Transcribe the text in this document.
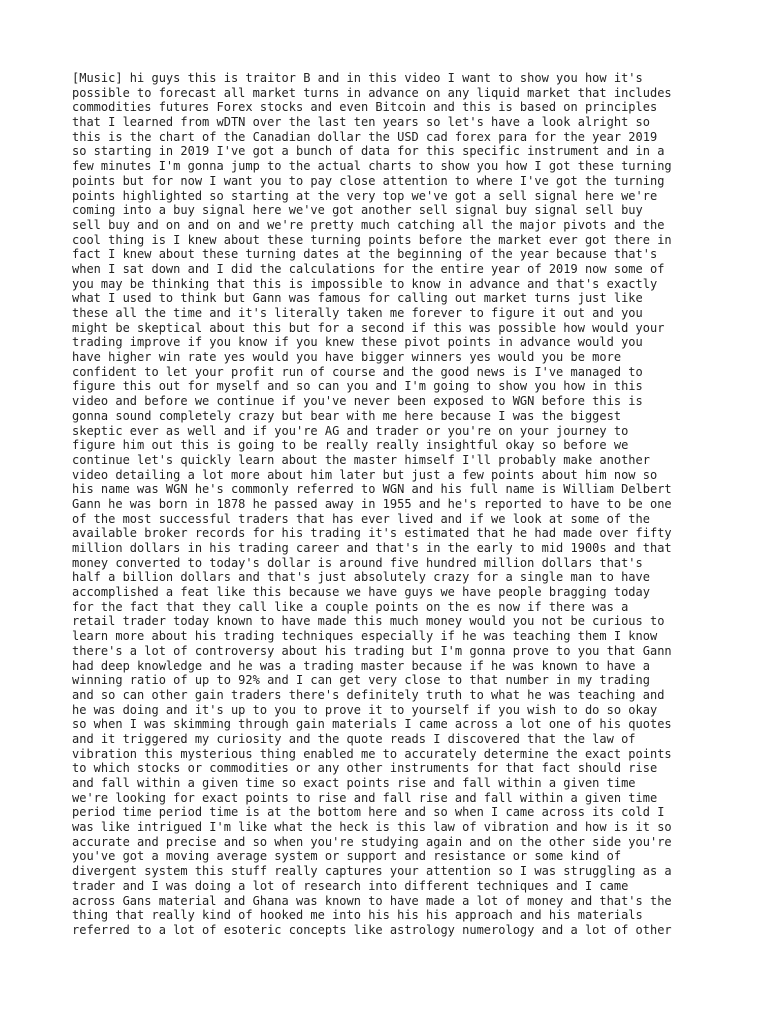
[Music] hi guys this is traitor B and in this video I want to show you how it's
possible to forecast all market turns in advance on any liquid market that includes
commodities futures Forex stocks and even Bitcoin and this is based on principles
that I learned from wDTN over the last ten years so let's have a look alright so
this is the chart of the Canadian dollar the USD cad forex para for the year 2019
so starting in 2019 I've got a bunch of data for this specific instrument and in a
few minutes I'm gonna jump to the actual charts to show you how I got these turning
points but for now I want you to pay close attention to where I've got the turning
points highlighted so starting at the very top we've got a sell signal here we're
coming into a buy signal here we've got another sell signal buy signal sell buy
sell buy and on and on and we're pretty much catching all the major pivots and the
cool thing is I knew about these turning points before the market ever got there in
fact I knew about these turning dates at the beginning of the year because that's
when I sat down and I did the calculations for the entire year of 2019 now some of
you may be thinking that this is impossible to know in advance and that's exactly
what I used to think but Gann was famous for calling out market turns just like
these all the time and it's literally taken me forever to figure it out and you
might be skeptical about this but for a second if this was possible how would your
trading improve if you know if you knew these pivot points in advance would you
have higher win rate yes would you have bigger winners yes would you be more
confident to let your profit run of course and the good news is I've managed to
figure this out for myself and so can you and I'm going to show you how in this
video and before we continue if you've never been exposed to WGN before this is
gonna sound completely crazy but bear with me here because I was the biggest
skeptic ever as well and if you're AG and trader or you're on your journey to
figure him out this is going to be really really insightful okay so before we
continue let's quickly learn about the master himself I'll probably make another
video detailing a lot more about him later but just a few points about him now so
his name was WGN he's commonly referred to WGN and his full name is William Delbert
Gann he was born in 1878 he passed away in 1955 and he's reported to have to be one
of the most successful traders that has ever lived and if we look at some of the
available broker records for his trading it's estimated that he had made over fifty
million dollars in his trading career and that's in the early to mid 1900s and that
money converted to today's dollar is around five hundred million dollars that's
half a billion dollars and that's just absolutely crazy for a single man to have
accomplished a feat like this because we have guys we have people bragging today
for the fact that they call like a couple points on the es now if there was a
retail trader today known to have made this much money would you not be curious to
learn more about his trading techniques especially if he was teaching them I know
there's a lot of controversy about his trading but I'm gonna prove to you that Gann
had deep knowledge and he was a trading master because if he was known to have a
winning ratio of up to 92% and I can get very close to that number in my trading
and so can other gain traders there's definitely truth to what he was teaching and
he was doing and it's up to you to prove it to yourself if you wish to do so okay
so when I was skimming through gain materials I came across a lot one of his quotes
and it triggered my curiosity and the quote reads I discovered that the law of
vibration this mysterious thing enabled me to accurately determine the exact points
to which stocks or commodities or any other instruments for that fact should rise
and fall within a given time so exact points rise and fall within a given time
we're looking for exact points to rise and fall rise and fall within a given time
period time period time is at the bottom here and so when I came across its cold I
was like intrigued I'm like what the heck is this law of vibration and how is it so
accurate and precise and so when you're studying again and on the other side you're
you've got a moving average system or support and resistance or some kind of
divergent system this stuff really captures your attention so I was struggling as a
trader and I was doing a lot of research into different techniques and I came
across Gans material and Ghana was known to have made a lot of money and that's the
thing that really kind of hooked me into his his his approach and his materials
referred to a lot of esoteric concepts like astrology numerology and a lot of other
